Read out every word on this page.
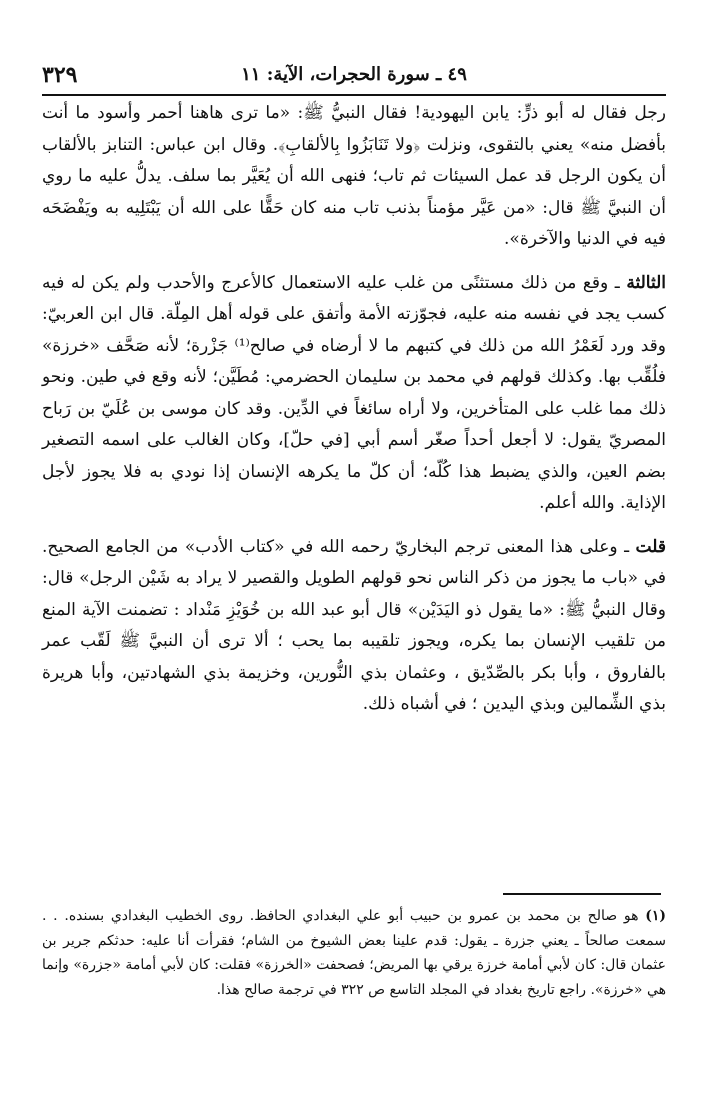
٤٩ ـ سورة الحجرات، الآية: ١١
٣٢٩

رجل فقال له أبو ذرٍّ: يابن اليهودية! فقال النبيُّ ﷺ: «ما ترى هاهنا أحمر وأسود ما أنت بأفضل منه» يعني بالتقوى، ونزلت ﴿ولا تَنَابَزُوا بِالألقابِ﴾. وقال ابن عباس: التنابز بالألقاب أن يكون الرجل قد عمل السيئات ثم تاب؛ فنهى الله أن يُعَيَّر بما سلف. يدلُّ عليه ما روي أن النبيَّ ﷺ قال: «من عَيَّر مؤمناً بذنب تاب منه كان حَقًّا على الله أن يَبْتَلِيه به ويَفْضَحَه فيه في الدنيا والآخرة».

الثالثة ـ وقع من ذلك مستثنًى من غلب عليه الاستعمال كالأعرج والأحدب ولم يكن له فيه كسب يجد في نفسه منه عليه، فجوّزته الأمة وأتفق على قوله أهل المِلّة. قال ابن العربيّ: وقد ورد لَعَمْرُ الله من ذلك في كتبهم ما لا أرضاه في صالح⁽¹⁾ جَزْرة؛ لأنه صَحَّف «خرزة» فلُقِّب بها. وكذلك قولهم في محمد بن سليمان الحضرمي: مُطَيَّن؛ لأنه وقع في طين. ونحو ذلك مما غلب على المتأخرين، ولا أراه سائغاً في الدِّين. وقد كان موسى بن عُلَيّ بن رَباح المصريّ يقول: لا أجعل أحداً صغّر أسم أبي [في حلّ]، وكان الغالب على اسمه التصغير بضم العين، والذي يضبط هذا كُلّه؛ أن كلّ ما يكرهه الإنسان إذا نودي به فلا يجوز لأجل الإذاية. والله أعلم.

قلت ـ وعلى هذا المعنى ترجم البخاريّ رحمه الله في «كتاب الأدب» من الجامع الصحيح. في «باب ما يجوز من ذكر الناس نحو قولهم الطويل والقصير لا يراد به شَيْن الرجل» قال: وقال النبيُّ ﷺ: «ما يقول ذو اليَدَيْن» قال أبو عبد الله بن خُوَيْزِ مَنْداد : تضمنت الآية المنع من تلقيب الإنسان بما يكره، ويجوز تلقيبه بما يحب ؛ ألا ترى أن النبيَّ ﷺ لَقّب عمر بالفاروق ، وأبا بكر بالصِّدّيق ، وعثمان بذي النُّورين، وخزيمة بذي الشهادتين، وأبا هريرة بذي الشِّمالين وبذي اليدين ؛ في أشباه ذلك.

(١) هو صالح بن محمد بن عمرو بن حبيب أبو علي البغدادي الحافظ. روى الخطيب البغدادي بسنده. . . سمعت صالحاً ـ يعني جزرة ـ يقول: قدم علينا بعض الشيوخ من الشام؛ فقرأت أنا عليه: حدثكم جرير بن عثمان قال: كان لأبي أمامة خرزة يرقي بها المريض؛ فصحفت «الخرزة» فقلت: كان لأبي أمامة «جزرة» وإنما هي «خرزة». راجع تاريخ بغداد في المجلد التاسع ص ٣٢٢ في ترجمة صالح هذا.
